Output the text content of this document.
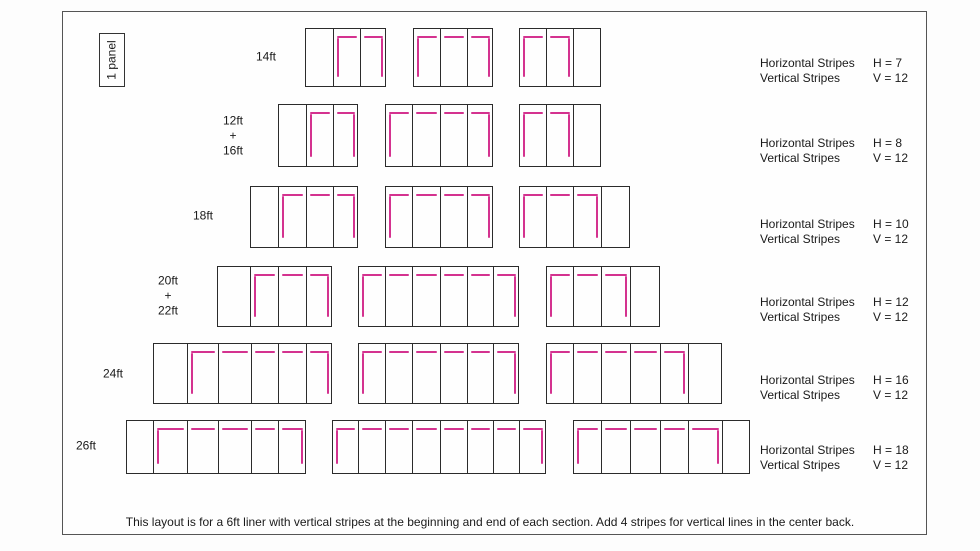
1 panel	14ft
12ft
+
16ft
18ft
20ft
+
22ft
24ft
26ft
Horizontal Stripes H = 7
Vertical Stripes	V = 12
Horizontal Stripes H = 8
Vertical Stripes	V = 12
Horizontal Stripes H = 10
Vertical Stripes	V = 12
Horizontal Stripes H = 12
Vertical Stripes	V = 12
Horizontal Stripes H = 16
Vertical Stripes	V = 12
Horizontal Stripes H = 18
Vertical Stripes	V = 12
This layout is for a 6ft liner with vertical stripes at the beginning and end of each section. Add 4 stripes for vertical lines in the center back.
